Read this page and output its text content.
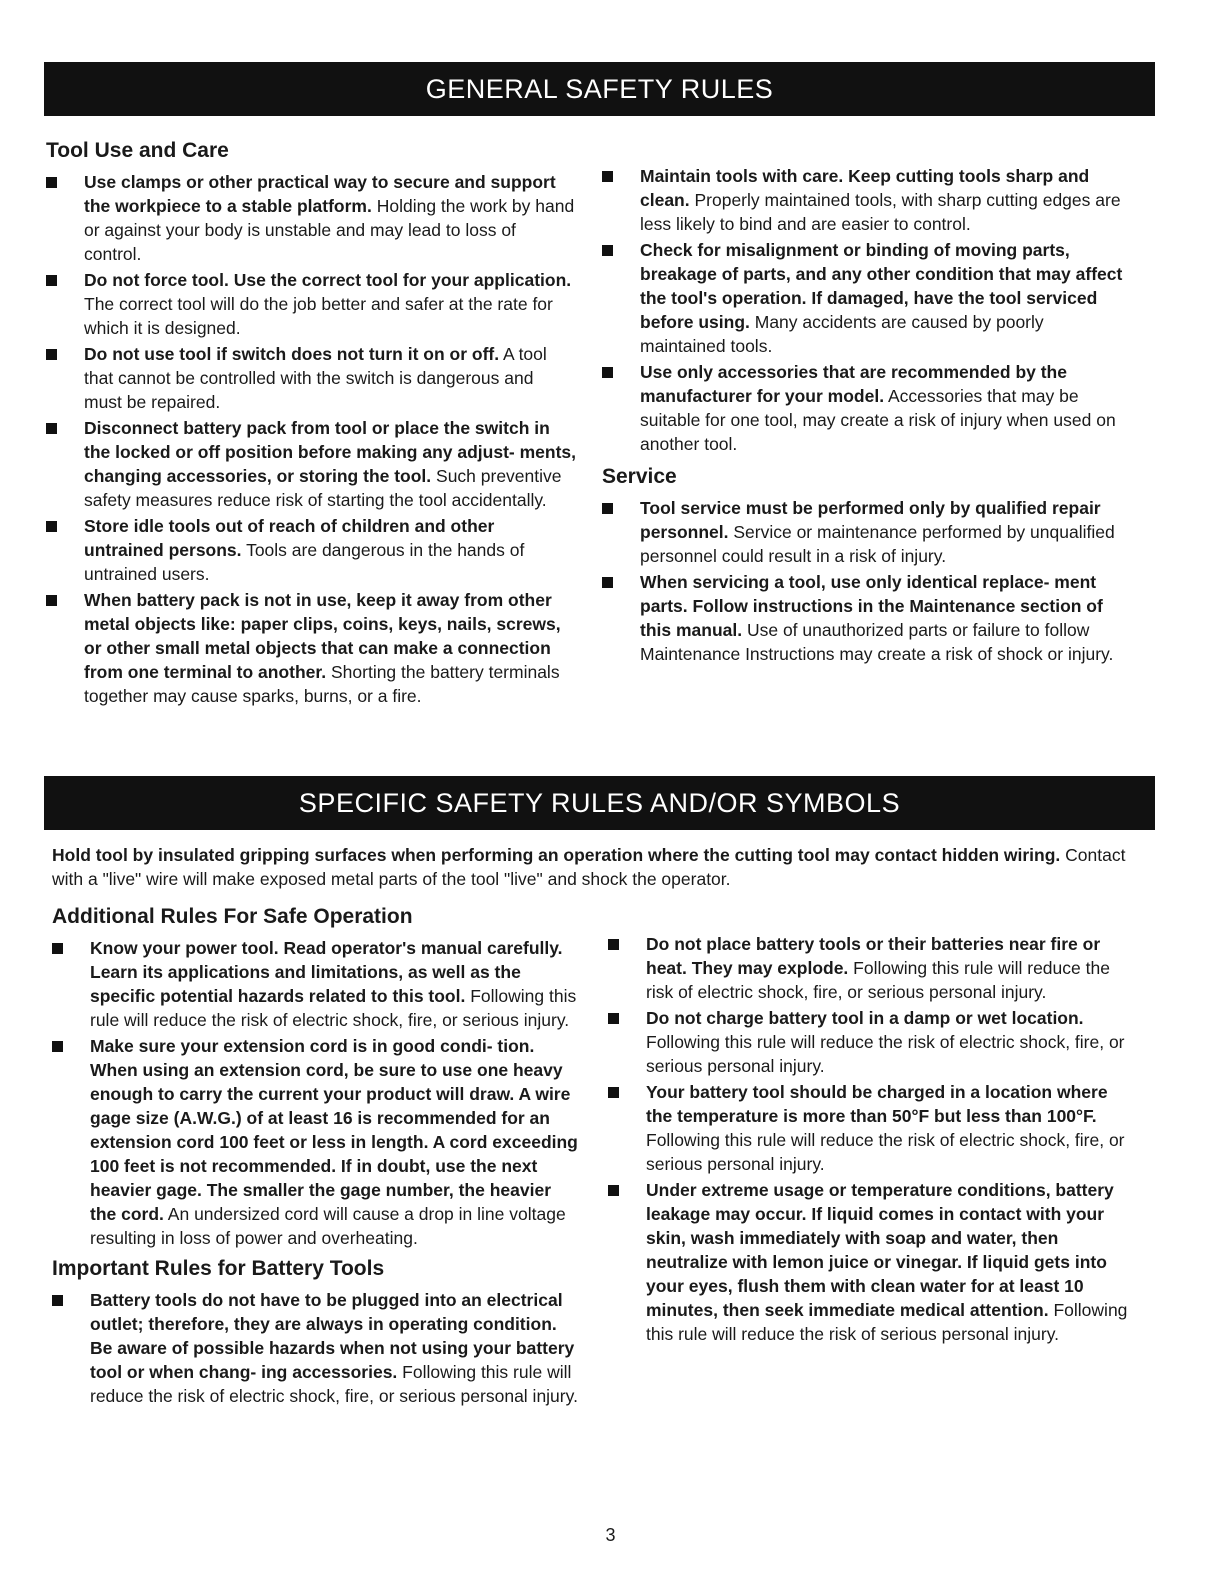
GENERAL SAFETY RULES
Tool Use and Care
Use clamps or other practical way to secure and support the workpiece to a stable platform. Holding the work by hand or against your body is unstable and may lead to loss of control.
Do not force tool. Use the correct tool for your application. The correct tool will do the job better and safer at the rate for which it is designed.
Do not use tool if switch does not turn it on or off. A tool that cannot be controlled with the switch is dangerous and must be repaired.
Disconnect battery pack from tool or place the switch in the locked or off position before making any adjust- ments, changing accessories, or storing the tool. Such preventive safety measures reduce risk of starting the tool accidentally.
Store idle tools out of reach of children and other untrained persons. Tools are dangerous in the hands of untrained users.
When battery pack is not in use, keep it away from other metal objects like: paper clips, coins, keys, nails, screws, or other small metal objects that can make a connection from one terminal to another. Shorting the battery terminals together may cause sparks, burns, or a fire.
Maintain tools with care. Keep cutting tools sharp and clean. Properly maintained tools, with sharp cutting edges are less likely to bind and are easier to control.
Check for misalignment or binding of moving parts, breakage of parts, and any other condition that may affect the tool's operation. If damaged, have the tool serviced before using. Many accidents are caused by poorly maintained tools.
Use only accessories that are recommended by the manufacturer for your model. Accessories that may be suitable for one tool, may create a risk of injury when used on another tool.
Service
Tool service must be performed only by qualified repair personnel. Service or maintenance performed by unqualified personnel could result in a risk of injury.
When servicing a tool, use only identical replace- ment parts. Follow instructions in the Maintenance section of this manual. Use of unauthorized parts or failure to follow Maintenance Instructions may create a risk of shock or injury.
SPECIFIC SAFETY RULES AND/OR SYMBOLS
Hold tool by insulated gripping surfaces when performing an operation where the cutting tool may contact hidden wiring. Contact with a "live" wire will make exposed metal parts of the tool "live" and shock the operator.
Additional Rules For Safe Operation
Know your power tool. Read operator's manual carefully. Learn its applications and limitations, as well as the specific potential hazards related to this tool. Following this rule will reduce the risk of electric shock, fire, or serious injury.
Make sure your extension cord is in good condi- tion. When using an extension cord, be sure to use one heavy enough to carry the current your product will draw. A wire gage size (A.W.G.) of at least 16 is recommended for an extension cord 100 feet or less in length. A cord exceeding 100 feet is not recommended. If in doubt, use the next heavier gage. The smaller the gage number, the heavier the cord. An undersized cord will cause a drop in line voltage resulting in loss of power and overheating.
Important Rules for Battery Tools
Battery tools do not have to be plugged into an electrical outlet; therefore, they are always in operating condition. Be aware of possible hazards when not using your battery tool or when chang- ing accessories. Following this rule will reduce the risk of electric shock, fire, or serious personal injury.
Do not place battery tools or their batteries near fire or heat. They may explode. Following this rule will reduce the risk of electric shock, fire, or serious personal injury.
Do not charge battery tool in a damp or wet location. Following this rule will reduce the risk of electric shock, fire, or serious personal injury.
Your battery tool should be charged in a location where the temperature is more than 50°F but less than 100°F. Following this rule will reduce the risk of electric shock, fire, or serious personal injury.
Under extreme usage or temperature conditions, battery leakage may occur. If liquid comes in contact with your skin, wash immediately with soap and water, then neutralize with lemon juice or vinegar. If liquid gets into your eyes, flush them with clean water for at least 10 minutes, then seek immediate medical attention. Following this rule will reduce the risk of serious personal injury.
3
